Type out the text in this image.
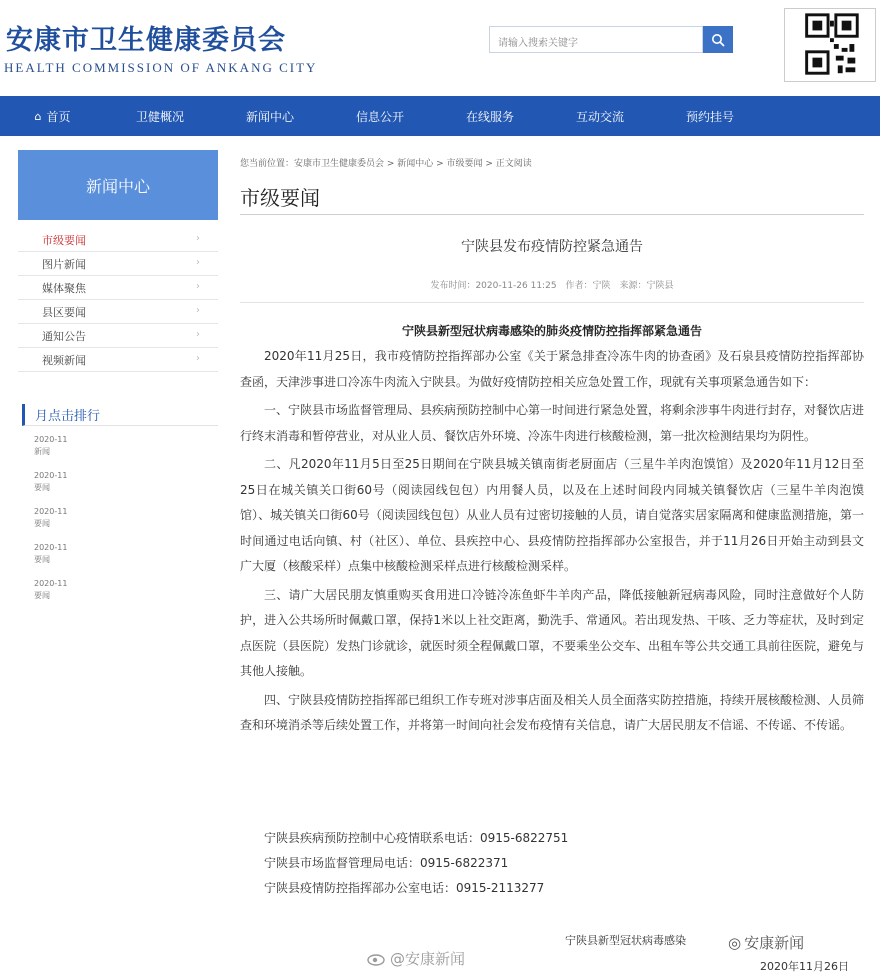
安康市卫生健康委员会
HEALTH COMMISSION OF ANKANG CITY
请输入搜索关键字
⌂ 首页	卫健概况	新闻中心	信息公开	在线服务	互动交流	预约挂号
新闻中心
市级要闻	›
图片新闻	›
媒体聚焦	›
县区要闻	›
通知公告	›
视频新闻	›
月点击排行
2020-11
新闻
2020-11
要闻
2020-11
要闻
2020-11
要闻
2020-11
要闻
您当前位置：安康市卫生健康委员会 > 新闻中心 > 市级要闻 > 正文阅读
市级要闻
宁陕县发布疫情防控紧急通告
发布时间：2020-11-26 11:25　作者：宁陕　来源：宁陕县
宁陕县新型冠状病毒感染的肺炎疫情防控指挥部紧急通告

2020年11月25日，我市疫情防控指挥部办公室《关于紧急排查冷冻牛肉的协查函》及石泉县疫情防控指挥部协查函，天津涉事进口冷冻牛肉流入宁陕县。为做好疫情防控相关应急处置工作，现就有关事项紧急通告如下：

一、宁陕县市场监督管理局、县疾病预防控制中心第一时间进行紧急处置，将剩余涉事牛肉进行封存，对餐饮店进行终末消毒和暂停营业，对从业人员、餐饮店外环境、冷冻牛肉进行核酸检测，第一批次检测结果均为阴性。

二、凡2020年11月5日至25日期间在宁陕县城关镇南街老厨面店（三星牛羊肉泡馍馆）及2020年11月12日至25日在城关镇关口街60号（阅读园线包包）内用餐人员，以及在上述时间段内同城关镇餐饮店（三星牛羊肉泡馍馆）、城关镇关口街60号（阅读园线包包）从业人员有过密切接触的人员，请自觉落实居家隔离和健康监测措施，第一时间通过电话向镇、村（社区）、单位、县疾控中心、县疫情防控指挥部办公室报告，并于11月26日开始主动到县文广大厦（核酸采样）点集中核酸检测采样点进行核酸检测采样。

三、请广大居民朋友慎重购买食用进口冷链冷冻鱼虾牛羊肉产品，降低接触新冠病毒风险，同时注意做好个人防护，进入公共场所时佩戴口罩，保持1米以上社交距离，勤洗手、常通风。若出现发热、干咳、乏力等症状，及时到定点医院（县医院）发热门诊就诊，就医时须全程佩戴口罩，不要乘坐公交车、出租车等公共交通工具前往医院，避免与其他人接触。

四、宁陕县疫情防控指挥部已组织工作专班对涉事店面及相关人员全面落实防控措施，持续开展核酸检测、人员筛查和环境消杀等后续处置工作，并将第一时间向社会发布疫情有关信息，请广大居民朋友不信谣、不传谣、不传谣。

宁陕县疾病预防控制中心疫情联系电话：0915-6822751
宁陕县市场监督管理局电话：0915-6822371
宁陕县疫情防控指挥部办公室电话：0915-2113277
宁陕县新型冠状病毒感染
2020年11月26日
@安康新闻
◎ 安康新闻
